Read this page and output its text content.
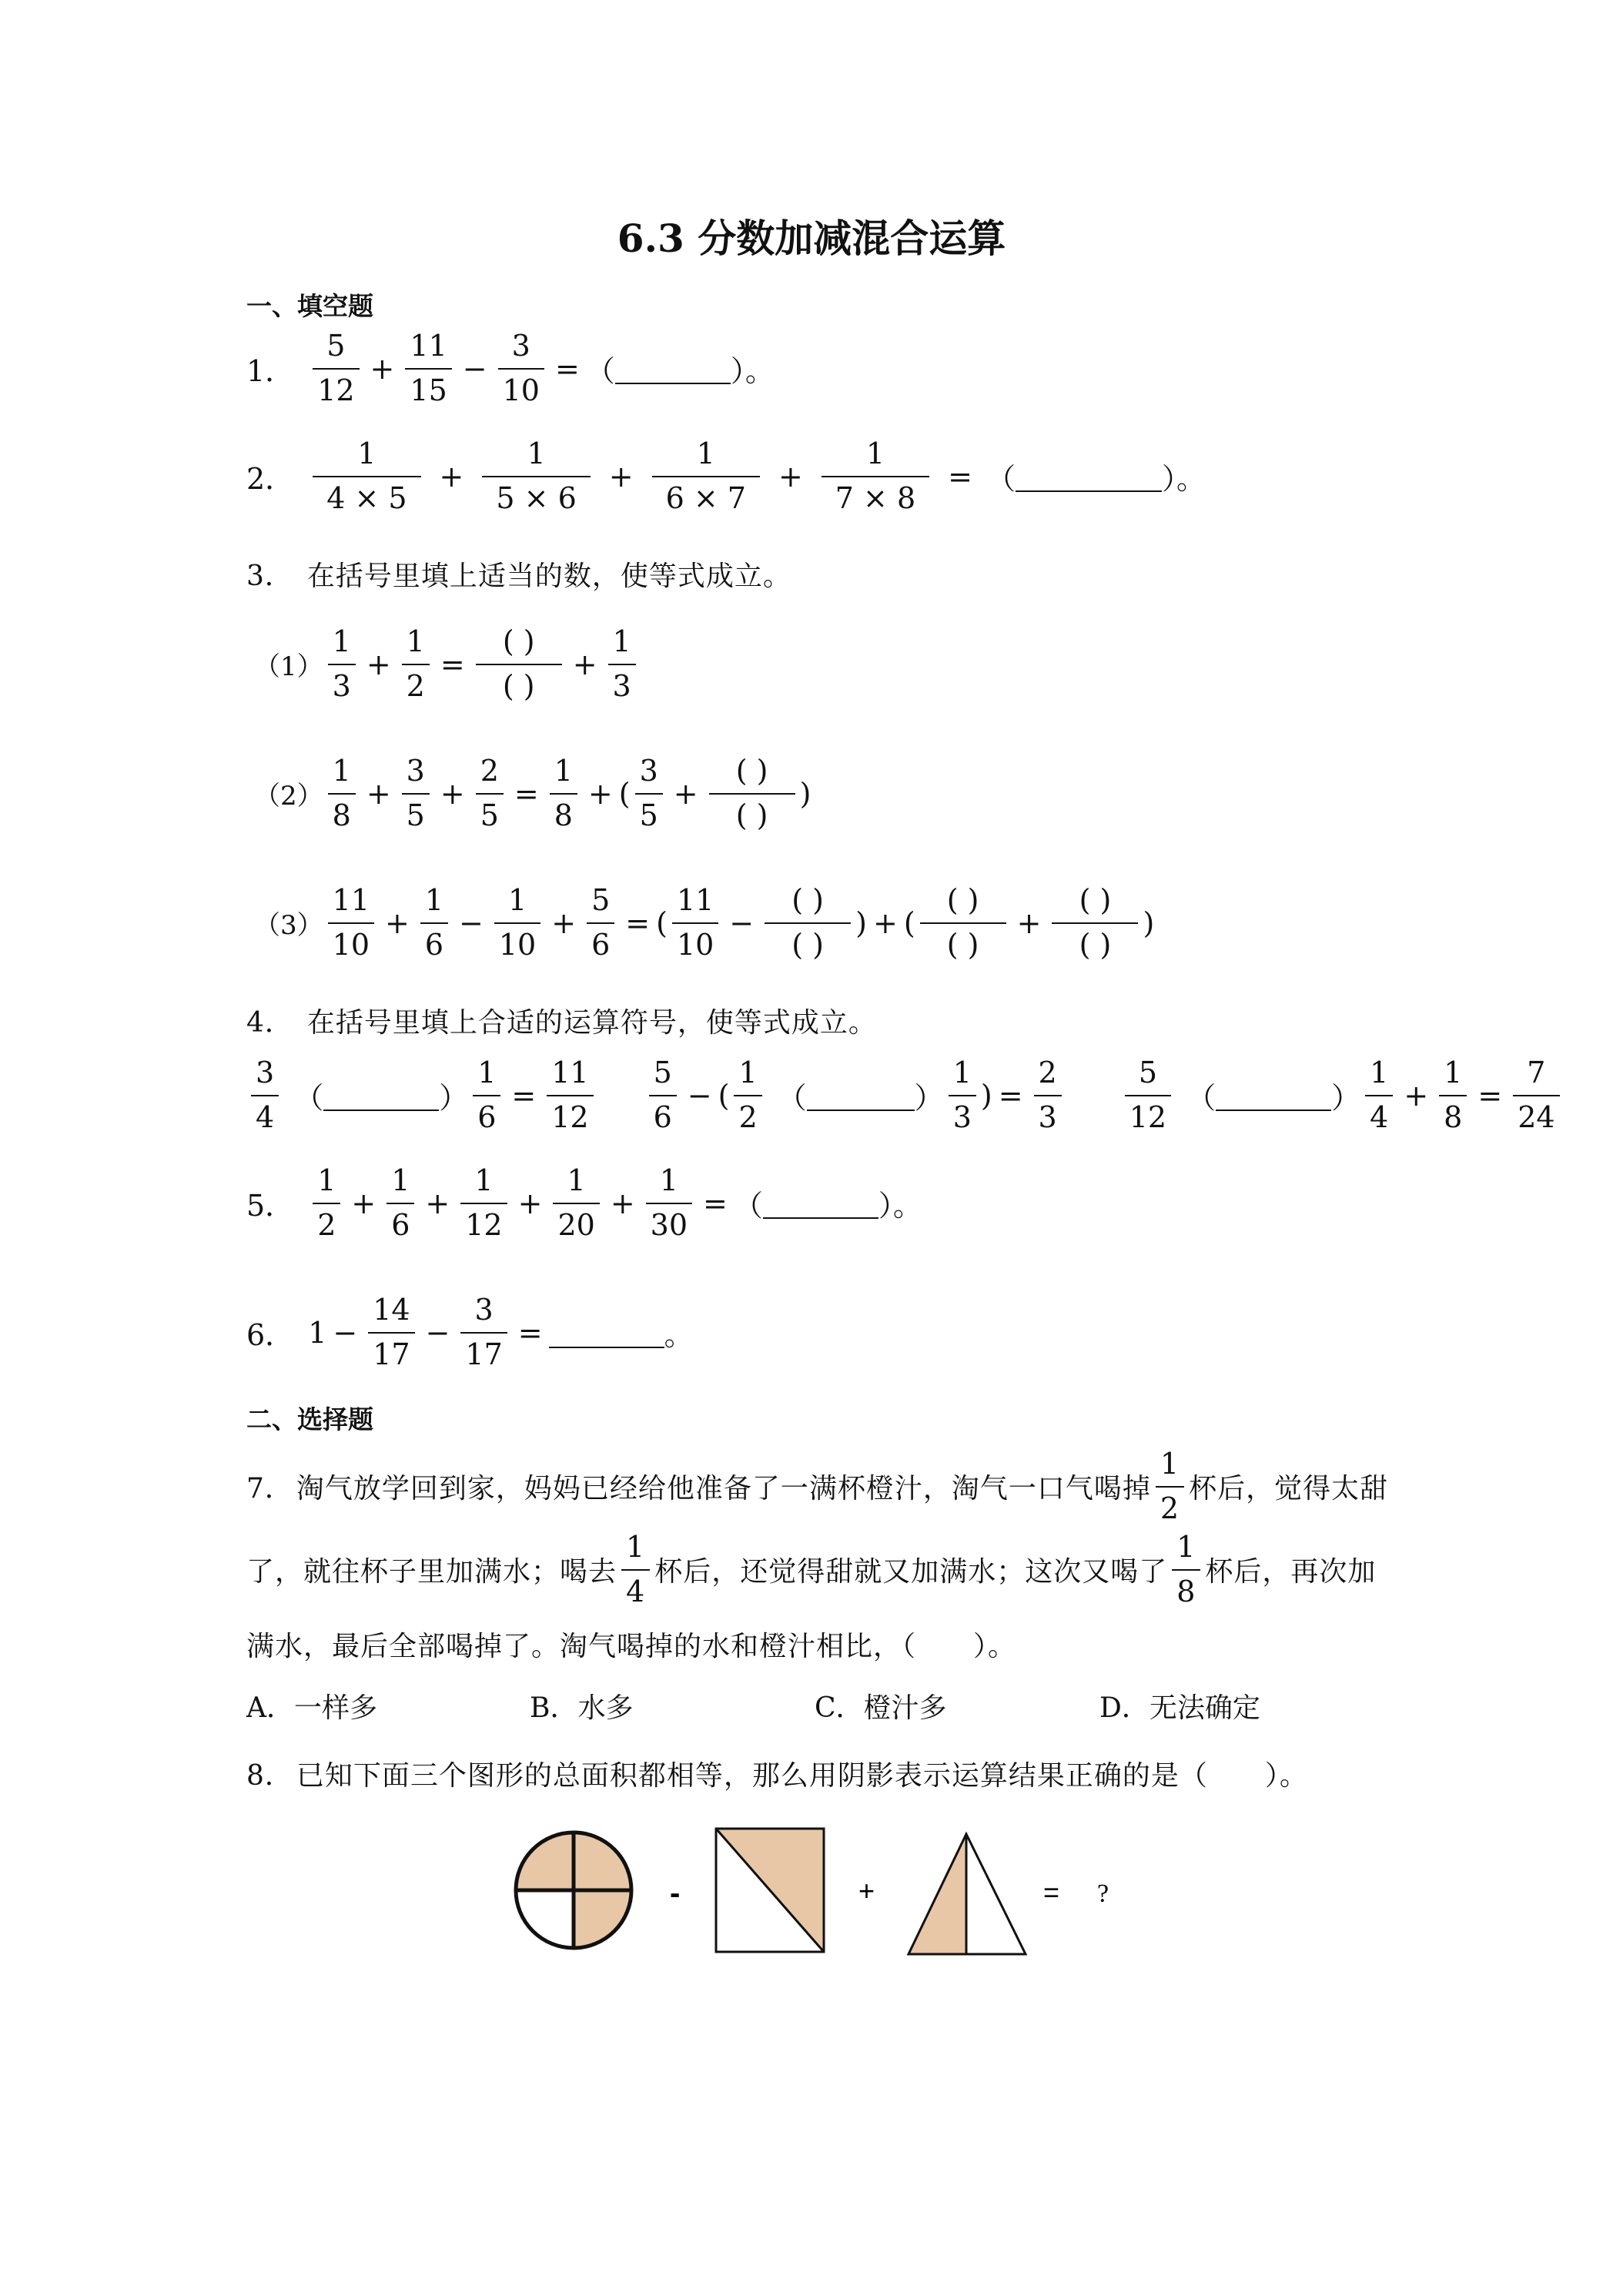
6.3 分数加减混合运算
一、填空题
1． $\frac{5}{12} + \frac{11}{15} - \frac{3}{10}$ = （	）。
2． $\frac{1}{4 \times 5} + \frac{1}{5 \times 6} + \frac{1}{6 \times 7} + \frac{1}{7 \times 8}$ = （	）。
3． 在括号里填上适当的数，使等式成立。
$(1) \frac{1}{3} + \frac{1}{2} = \frac{( )}{( )} + \frac{1}{3}$
$(2) \frac{1}{8} + \frac{3}{5} + \frac{2}{5} = \frac{1}{8}$ + ( $\frac{3}{5} + \frac{( )}{( )}$ )
$(3) \frac{11}{10} + \frac{1}{6} - \frac{1}{10} + \frac{5}{6}$ = ( $\frac{11}{10} - \frac{( )}{( )}$ ) + ( $\frac{( )}{( )} + \frac{( )}{( )}$ )
4． 在括号里填上合适的运算符号，使等式成立。
$\frac{3}{4}$ （	） $\frac{1}{6} = \frac{11}{12} \frac{5}{6}$ − ( $\frac{1}{2}$ （	） $\frac{1}{3}$ ) = $\frac{2}{3} \frac{5}{12}$ （	） $\frac{1}{4} + \frac{1}{8} = \frac{7}{24}$
5． $\frac{1}{2} + \frac{1}{6} + \frac{1}{12} + \frac{1}{20} + \frac{1}{30}$ = （	）。
6． $1 - \frac{14}{17} - \frac{3}{17}$ =	。
二、选择题
7． 淘气放学回到家，妈妈已经给他准备了一满杯橙汁，淘气一口气喝掉 $\frac{1}{2}$ 杯后，觉得太甜
了，就往杯子里加满水；喝去 $\frac{1}{4}$ 杯后，还觉得甜就又加满水；这次又喝了 $\frac{1}{8}$ 杯后，再次加
满水，最后全部喝掉了。淘气喝掉的水和橙汁相比，（　　）。
A．一样多	B．水多	C．橙汁多	D．无法确定
8． 已知下面三个图形的总面积都相等，那么用阴影表示运算结果正确的是（　　）。
-	+	= ?
